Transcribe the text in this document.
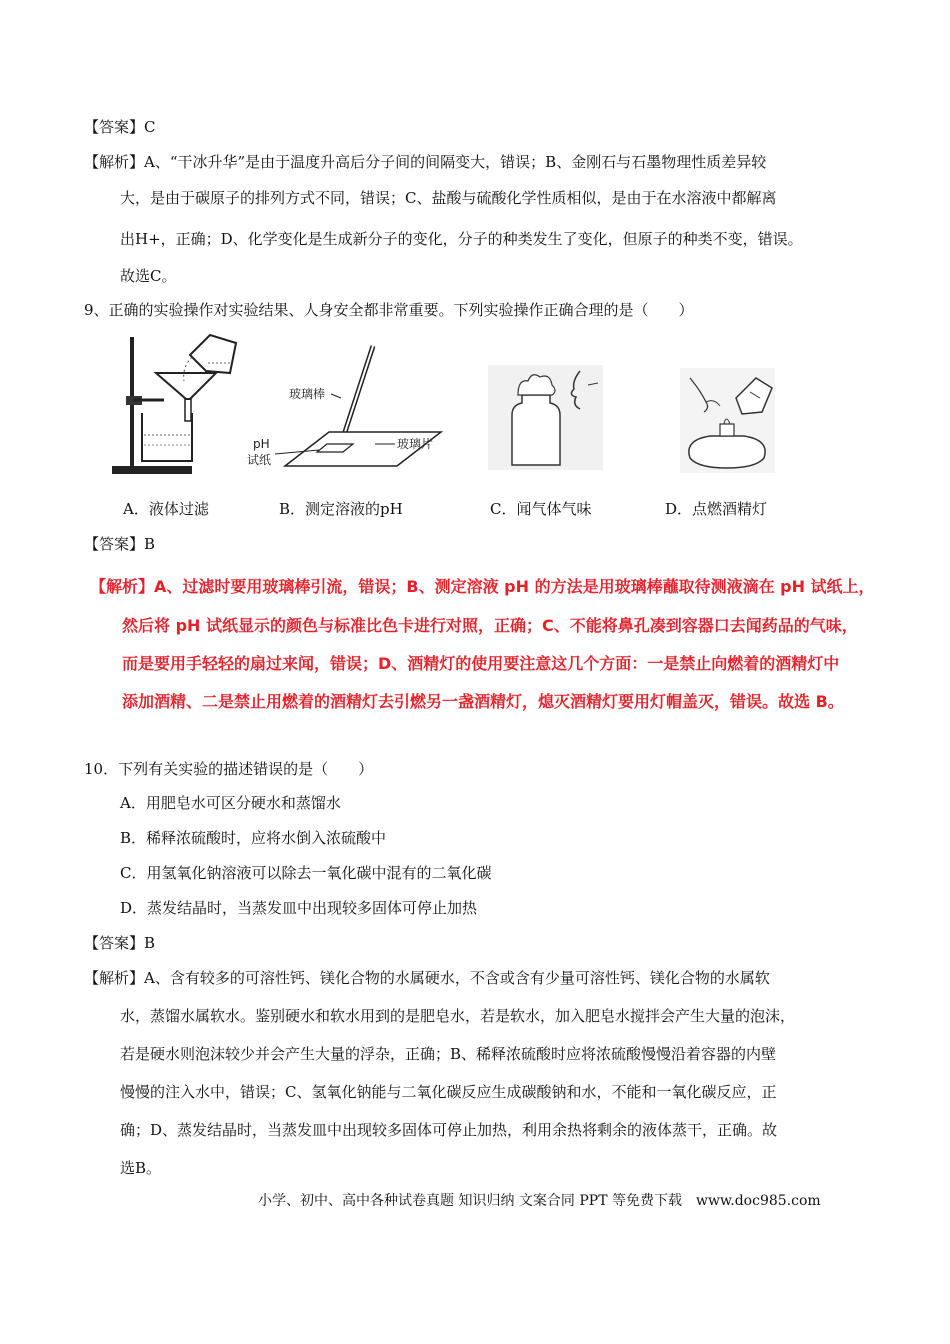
【答案】C
【解析】A、“干冰升华”是由于温度升高后分子间的间隔变大，错误；B、金刚石与石墨物理性质差异较
大，是由于碳原子的排列方式不同，错误；C、盐酸与硫酸化学性质相似，是由于在水溶液中都解离
出H+，正确；D、化学变化是生成新分子的变化，分子的种类发生了变化，但原子的种类不变，错误。
故选C。
9、正确的实验操作对实验结果、人身安全都非常重要。下列实验操作正确合理的是（　　）
玻璃棒
玻璃片
pH
试纸
A．液体过滤	B．测定溶液的pH	C．闻气体气味	D．点燃酒精灯
【答案】B
【解析】A、过滤时要用玻璃棒引流，错误；B、测定溶液 pH 的方法是用玻璃棒蘸取待测液滴在 pH 试纸上，
然后将 pH 试纸显示的颜色与标准比色卡进行对照，正确；C、不能将鼻孔凑到容器口去闻药品的气味，
而是要用手轻轻的扇过来闻，错误；D、酒精灯的使用要注意这几个方面：一是禁止向燃着的酒精灯中
添加酒精、二是禁止用燃着的酒精灯去引燃另一盏酒精灯，熄灭酒精灯要用灯帽盖灭，错误。故选 B。
10．下列有关实验的描述错误的是（　　）
A．用肥皂水可区分硬水和蒸馏水
B．稀释浓硫酸时，应将水倒入浓硫酸中
C．用氢氧化钠溶液可以除去一氧化碳中混有的二氧化碳
D．蒸发结晶时，当蒸发皿中出现较多固体可停止加热
【答案】B
【解析】A、含有较多的可溶性钙、镁化合物的水属硬水，不含或含有少量可溶性钙、镁化合物的水属软
水，蒸馏水属软水。鉴别硬水和软水用到的是肥皂水，若是软水，加入肥皂水搅拌会产生大量的泡沫，
若是硬水则泡沫较少并会产生大量的浮杂，正确；B、稀释浓硫酸时应将浓硫酸慢慢沿着容器的内壁
慢慢的注入水中，错误；C、氢氧化钠能与二氧化碳反应生成碳酸钠和水，不能和一氧化碳反应，正
确；D、蒸发结晶时，当蒸发皿中出现较多固体可停止加热，利用余热将剩余的液体蒸干，正确。故
选B。
小学、初中、高中各种试卷真题 知识归纳 文案合同 PPT 等免费下载　www.doc985.com
